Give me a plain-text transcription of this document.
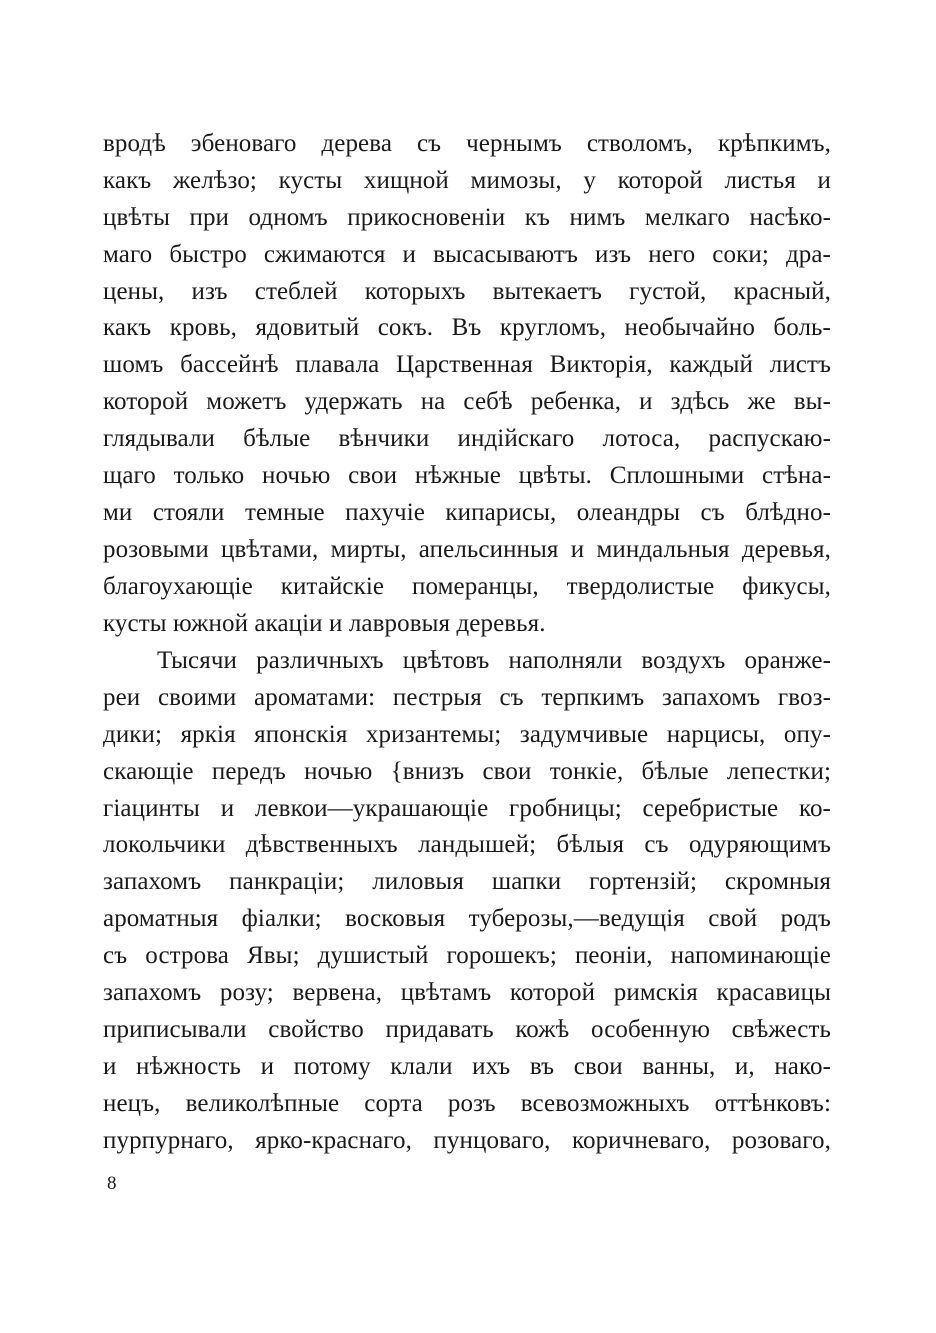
вродѣ эбеноваго дерева съ чернымъ стволомъ, крѣпкимъ,
какъ желѣзо; кусты хищной мимозы, у которой листья и
цвѣты при одномъ прикосновенiи къ нимъ мелкаго насѣко-
маго быстро сжимаются и высасываютъ изъ него соки; дра-
цены, изъ стеблей которыхъ вытекаетъ густой, красный,
какъ кровь, ядовитый сокъ. Въ кругломъ, необычайно боль-
шомъ бассейнѣ плавала Царственная Викторiя, каждый листъ
которой можетъ удержать на себѣ ребенка, и здѣсь же вы-
глядывали бѣлые вѣнчики индiйскаго лотоса, распускаю-
щаго только ночью свои нѣжные цвѣты. Сплошными стѣна-
ми стояли темные пахучiе кипарисы, олеандры съ блѣдно-
розовыми цвѣтами, мирты, апельсинныя и миндальныя деревья,
благоухающiе китайскiе померанцы, твердолистые фикусы,
кусты южной акацiи и лавровыя деревья.
Тысячи различныхъ цвѣтовъ наполняли воздухъ оранже-
реи своими ароматами: пестрыя съ терпкимъ запахомъ гвоз-
дики; яркiя японскiя хризантемы; задумчивые нарцисы, опу-
скающiе передъ ночью {внизъ свои тонкiе, бѣлые лепестки;
гiацинты и левкои—украшающiе гробницы; серебристые ко-
локольчики дѣвственныхъ ландышей; бѣлыя съ одуряющимъ
запахомъ панкрацiи; лиловыя шапки гортензiй; скромныя
ароматныя фiалки; восковыя туберозы,—ведущiя свой родъ
съ острова Явы; душистый горошекъ; пеонiи, напоминающiе
запахомъ розу; вервена, цвѣтамъ которой римскiя красавицы
приписывали свойство придавать кожѣ особенную свѣжесть
и нѣжность и потому клали ихъ въ свои ванны, и, нако-
нецъ, великолѣпные сорта розъ всевозможныхъ оттѣнковъ:
пурпурнаго, ярко-краснаго, пунцоваго, коричневаго, розоваго,
8
